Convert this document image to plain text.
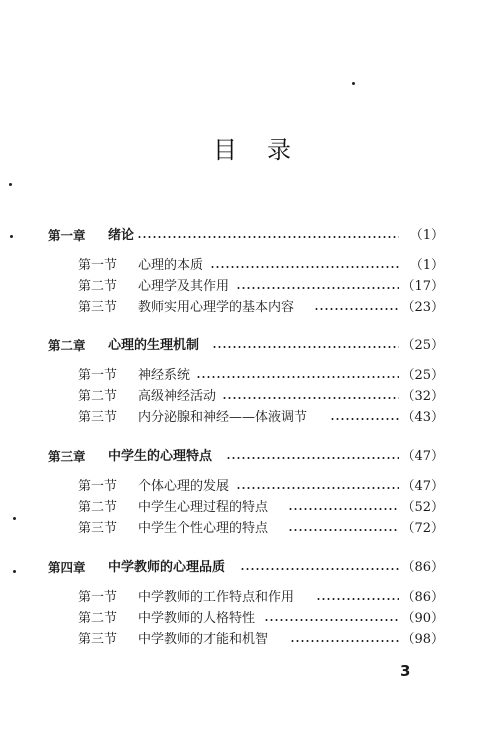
目录
第一章 绪论	（1）
第一节 心理的本质	（1）
第二节 心理学及其作用	（17）
第三节 教师实用心理学的基本内容	（23）
第二章 心理的生理机制	（25）
第一节 神经系统	（25）
第二节 高级神经活动	（32）
第三节 内分泌腺和神经——体液调节	（43）
第三章 中学生的心理特点	（47）
第一节 个体心理的发展	（47）
第二节 中学生心理过程的特点	（52）
第三节 中学生个性心理的特点	（72）
第四章 中学教师的心理品质	（86）
第一节 中学教师的工作特点和作用	（86）
第二节 中学教师的人格特性	（90）
第三节 中学教师的才能和机智	（98）
3
